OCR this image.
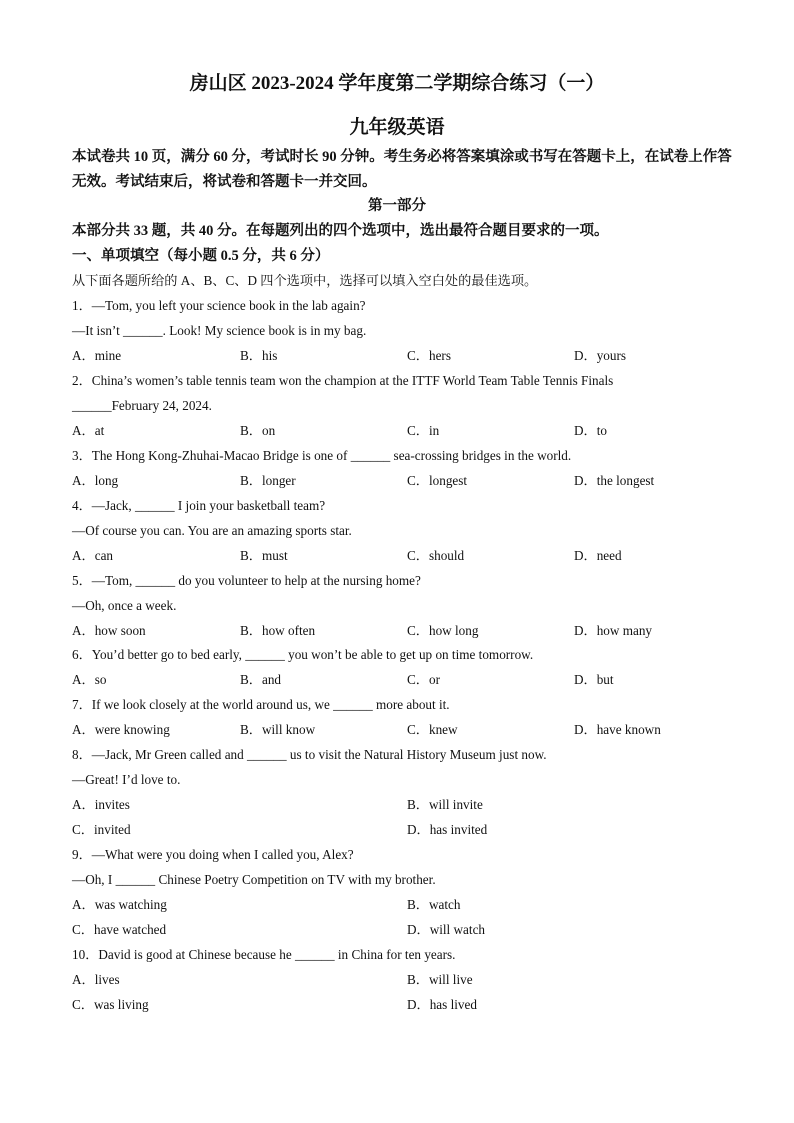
房山区 2023-2024 学年度第二学期综合练习（一）
九年级英语
本试卷共 10 页，满分 60 分，考试时长 90 分钟。考生务必将答案填涂或书写在答题卡上，在试卷上作答无效。考试结束后，将试卷和答题卡一并交回。
第一部分
本部分共 33 题，共 40 分。在每题列出的四个选项中，选出最符合题目要求的一项。
一、单项填空（每小题 0.5 分，共 6 分）
从下面各题所给的 A、B、C、D 四个选项中，选择可以填入空白处的最佳选项。
1．—Tom, you left your science book in the lab again?
—It isn’t ______. Look! My science book is in my bag.
A．mine	B．his	C．hers	D．yours
2．China’s women’s table tennis team won the champion at the ITTF World Team Table Tennis Finals
______February 24, 2024.
A．at	B．on	C．in	D．to
3．The Hong Kong-Zhuhai-Macao Bridge is one of ______ sea-crossing bridges in the world.
A．long	B．longer	C．longest	D．the longest
4．—Jack, ______ I join your basketball team?
—Of course you can. You are an amazing sports star.
A．can	B．must	C．should	D．need
5．—Tom, ______ do you volunteer to help at the nursing home?
—Oh, once a week.
A．how soon	B．how often	C．how long	D．how many
6．You’d better go to bed early, ______ you won’t be able to get up on time tomorrow.
A．so	B．and	C．or	D．but
7．If we look closely at the world around us, we ______ more about it.
A．were knowing	B．will know	C．knew	D．have known
8．—Jack, Mr Green called and ______ us to visit the Natural History Museum just now.
—Great! I’d love to.
A．invites	B．will invite
C．invited	D．has invited
9．—What were you doing when I called you, Alex?
—Oh, I ______ Chinese Poetry Competition on TV with my brother.
A．was watching	B．watch
C．have watched	D．will watch
10．David is good at Chinese because he ______ in China for ten years.
A．lives	B．will live
C．was living	D．has lived
